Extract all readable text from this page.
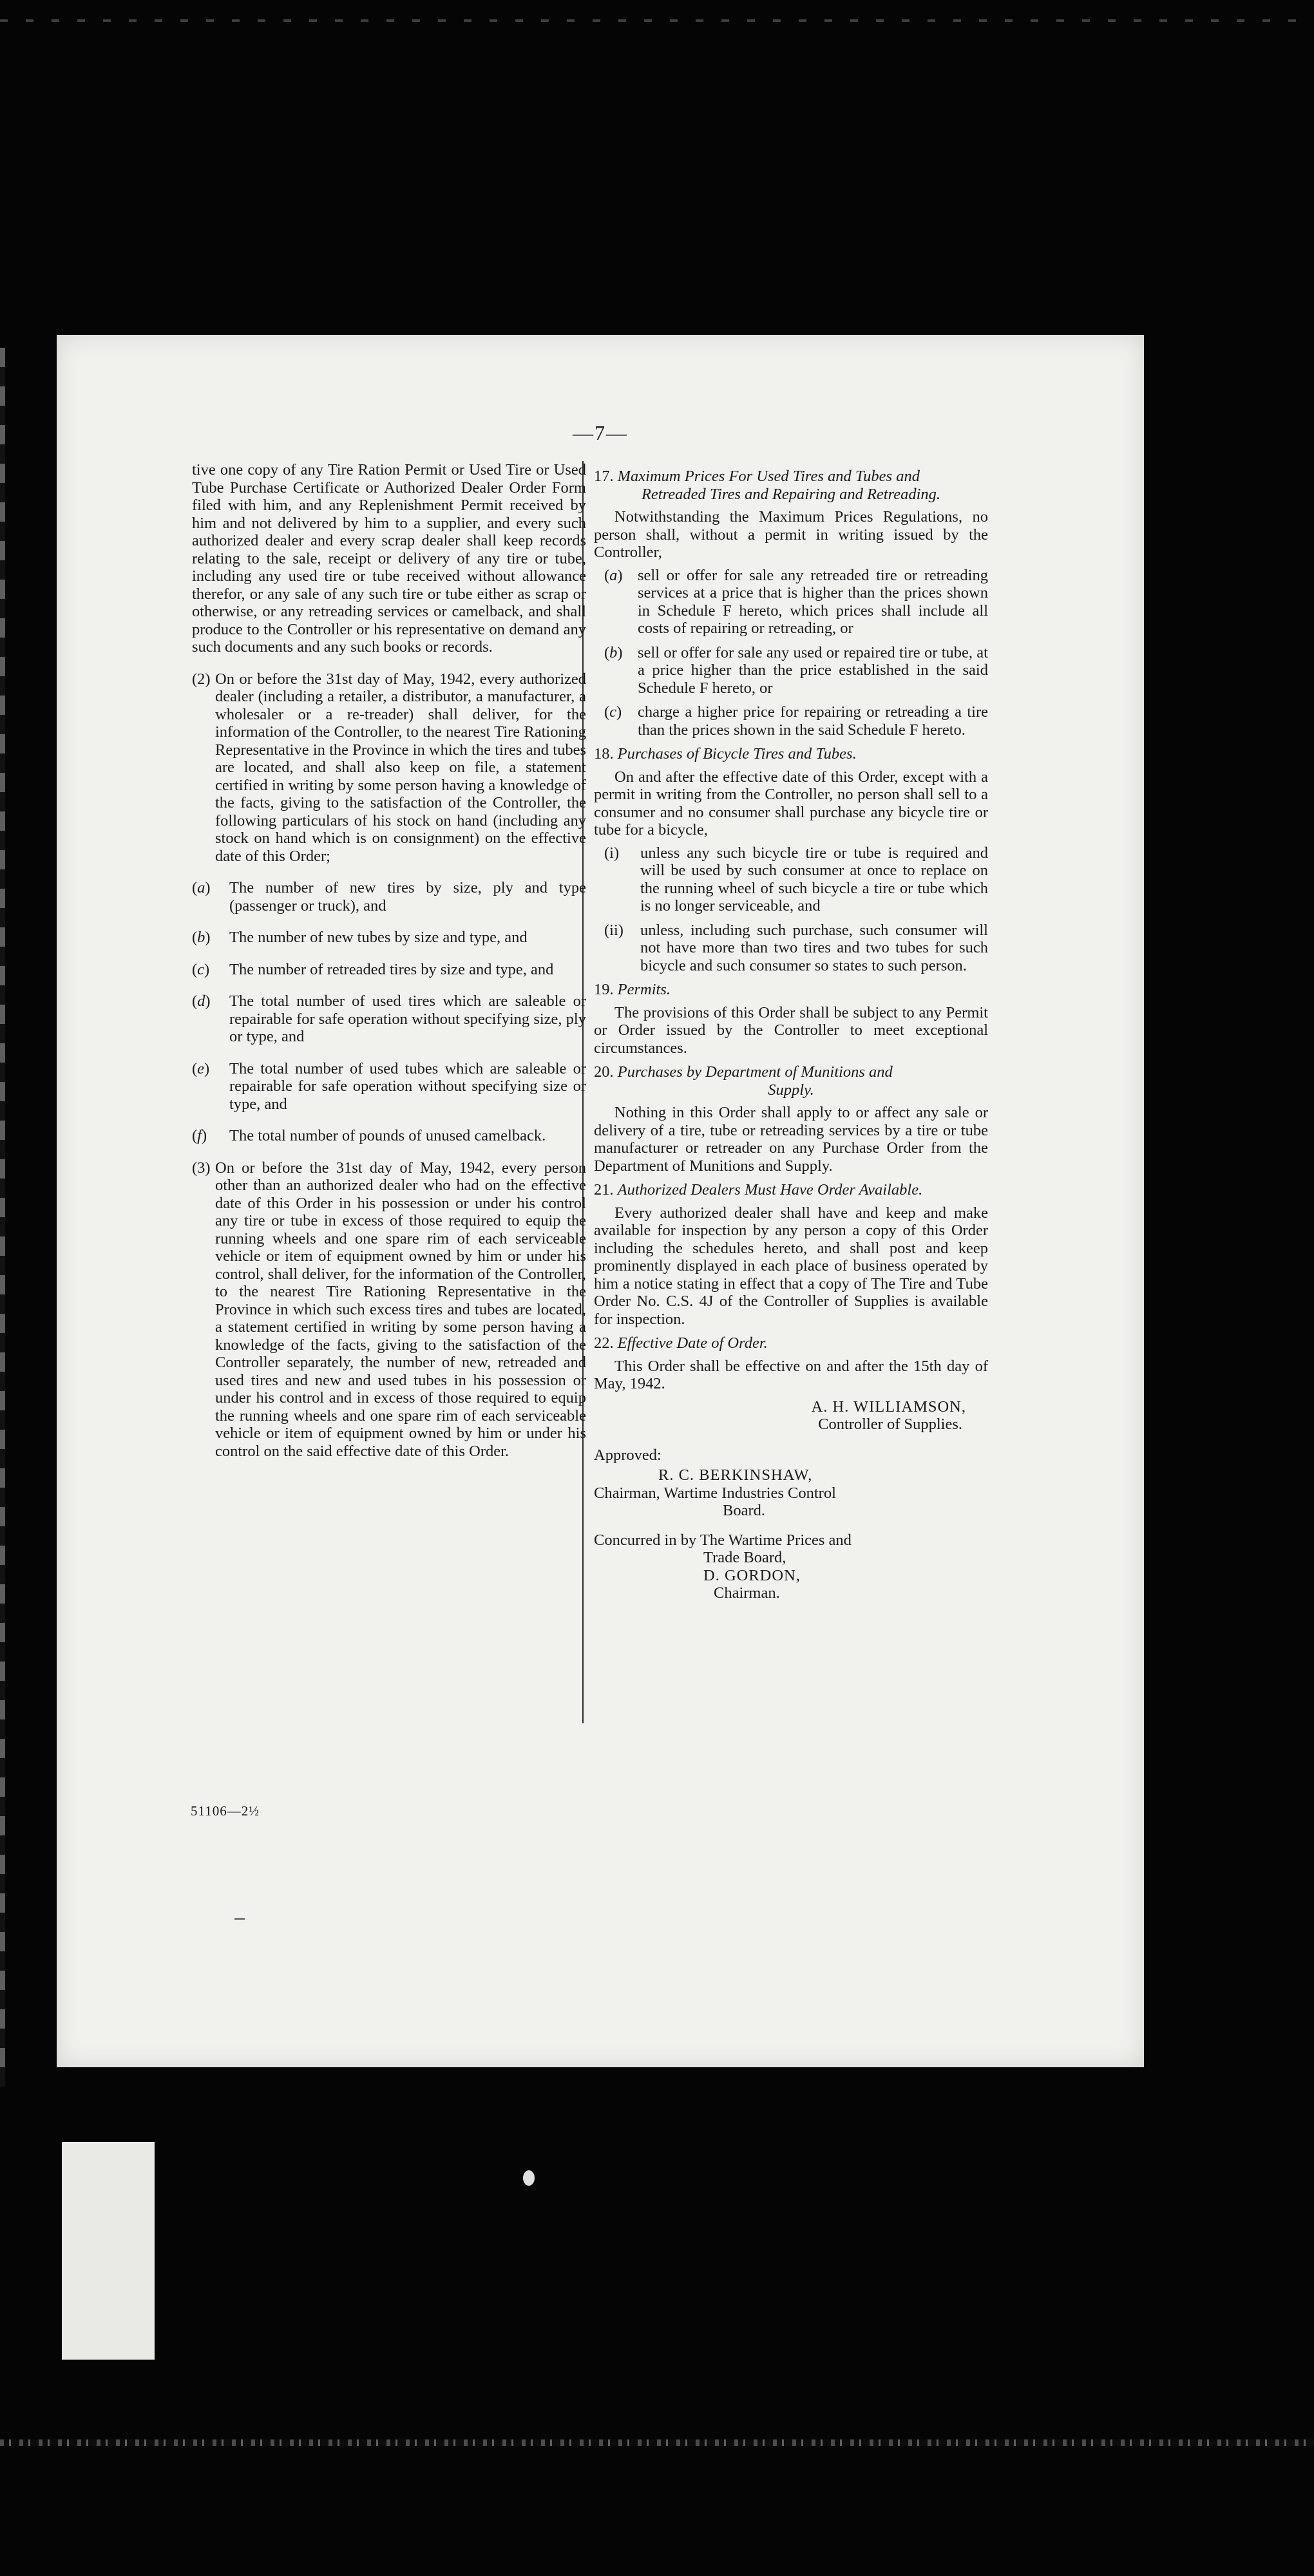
—7—

tive one copy of any Tire Ration Permit or Used Tire or Used Tube Purchase Certificate or Authorized Dealer Order Form filed with him, and any Replenishment Permit received by him and not delivered by him to a supplier, and every such authorized dealer and every scrap dealer shall keep records relating to the sale, receipt or delivery of any tire or tube, including any used tire or tube received without allowance therefor, or any sale of any such tire or tube either as scrap or otherwise, or any retreading services or camelback, and shall produce to the Controller or his representative on demand any such documents and any such books or records.

(2) On or before the 31st day of May, 1942, every authorized dealer (including a retailer, a distributor, a manufacturer, a wholesaler or a re-treader) shall deliver, for the information of the Controller, to the nearest Tire Rationing Representative in the Province in which the tires and tubes are located, and shall also keep on file, a statement certified in writing by some person having a knowledge of the facts, giving to the satisfaction of the Controller, the following particulars of his stock on hand (including any stock on hand which is on consignment) on the effective date of this Order;
(a)	The number of new tires by size, ply and type (passenger or truck), and
(b)	The number of new tubes by size and type, and
(c)	The number of retreaded tires by size and type, and
(d)	The total number of used tires which are saleable or repairable for safe operation without specifying size, ply or type, and
(e)	The total number of used tubes which are saleable or repairable for safe operation without specifying size or type, and
(f)	The total number of pounds of unused camelback.
(3) On or before the 31st day of May, 1942, every person other than an authorized dealer who had on the effective date of this Order in his possession or under his control any tire or tube in excess of those required to equip the running wheels and one spare rim of each serviceable vehicle or item of equipment owned by him or under his control, shall deliver, for the information of the Controller, to the nearest Tire Rationing Representative in the Province in which such excess tires and tubes are located, a statement certified in writing by some person having a knowledge of the facts, giving to the satisfaction of the Controller separately, the number of new, retreaded and used tires and new and used tubes in his possession or under his control and in excess of those required to equip the running wheels and one spare rim of each serviceable vehicle or item of equipment owned by him or under his control on the said effective date of this Order.
17. Maximum Prices For Used Tires and Tubes and
Retreaded Tires and Repairing and Retreading.

Notwithstanding the Maximum Prices Regulations, no person shall, without a permit in writing issued by the Controller,

(a) sell or offer for sale any retreaded tire or retreading services at a price that is higher than the prices shown in Schedule F hereto, which prices shall include all costs of repairing or retreading, or
(b) sell or offer for sale any used or repaired tire or tube, at a price higher than the price established in the said Schedule F hereto, or
(c)	charge a higher price for repairing or retreading a tire than the prices shown in the said Schedule F hereto.
18. Purchases of Bicycle Tires and Tubes.

On and after the effective date of this Order, except with a permit in writing from the Controller, no person shall sell to a consumer and no consumer shall purchase any bicycle tire or tube for a bicycle,

(i)	unless any such bicycle tire or tube is required and will be used by such consumer at once to replace on the running wheel of such bicycle a tire or tube which is no longer serviceable, and
(ii)	unless, including such purchase, such consumer will not have more than two tires and two tubes for such bicycle and such consumer so states to such person.
19. Permits.

The provisions of this Order shall be subject to any Permit or Order issued by the Controller to meet exceptional circumstances.

20. Purchases by Department of Munitions and
Supply.

Nothing in this Order shall apply to or affect any sale or delivery of a tire, tube or retreading services by a tire or tube manufacturer or retreader on any Purchase Order from the Department of Munitions and Supply.

21. Authorized Dealers Must Have Order Available.

Every authorized dealer shall have and keep and make available for inspection by any person a copy of this Order including the schedules hereto, and shall post and keep prominently displayed in each place of business operated by him a notice stating in effect that a copy of The Tire and Tube Order No. C.S. 4J of the Controller of Supplies is available for inspection.

22. Effective Date of Order.

This Order shall be effective on and after the 15th day of May, 1942.

A. H. WILLIAMSON,

Controller of Supplies.

Approved:

R. C. BERKINSHAW,

Chairman, Wartime Industries Control

Board.

Concurred in by The Wartime Prices and

Trade Board,

D. GORDON,

Chairman.

51106—2½
